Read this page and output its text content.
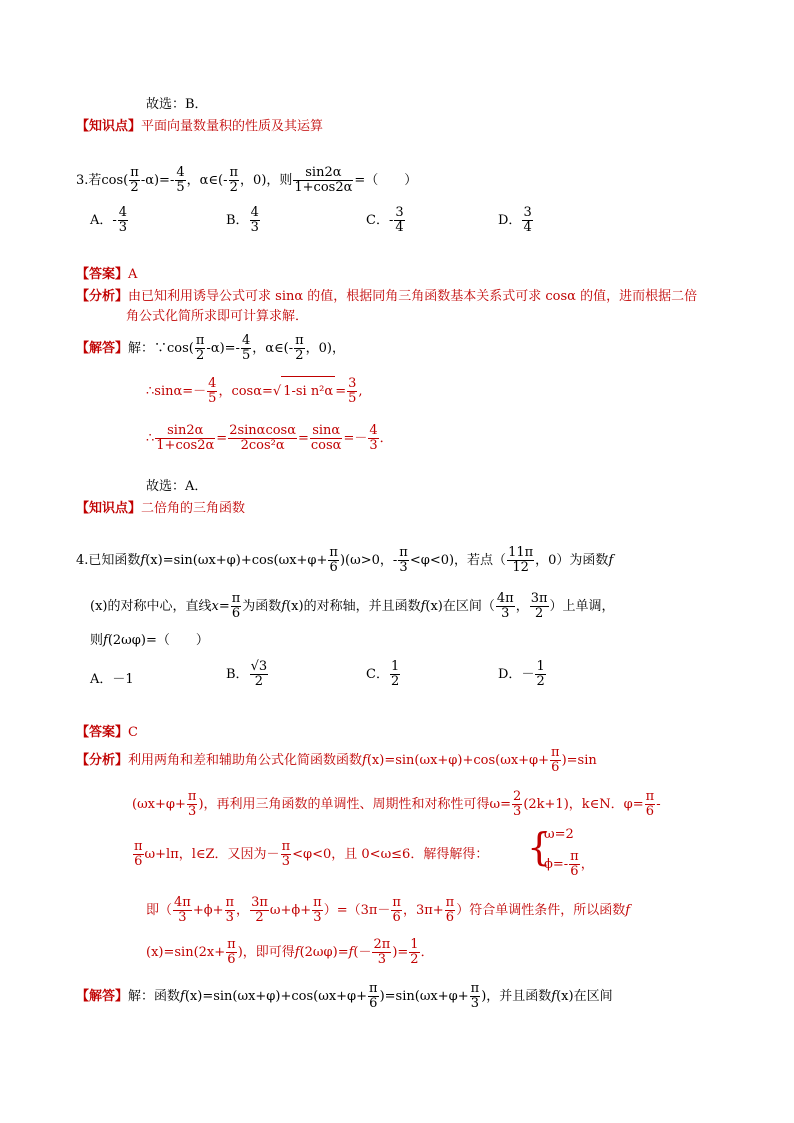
故选：B．
【知识点】平面向量数量积的性质及其运算
3.若$\cos( \frac{\pi}{2} -\alpha)=- \frac{4}{5}$ ，α∈(- $\frac{\pi}{2}$ ，0)，则 $\frac{\sin 2\alpha}{1+\cos 2\alpha}$ =（　　）
A．- $\frac{4}{3}$	B． $\frac{4}{3}$	C．- $\frac{3}{4}$	D． $\frac{3}{4}$
【答案】A
【分析】由已知利用诱导公式可求 sinα 的值，根据同角三角函数基本关系式可求 cosα 的值，进而根据二倍
角公式化简所求即可计算求解．
【解答】解：∵cos( $\frac{\pi}{2} -\alpha)=- \frac{4}{5}$ ，α∈(- $\frac{\pi}{2}$ ，0)，
∴sinα=－ $\frac{4}{5}$ ，cosα=√ 1-si $n^2\alpha = \frac{3}{5}$ ,
∴ $\frac{\sin 2\alpha}{1+\cos 2\alpha} = \frac{2\sin\alpha\cos\alpha}{\text{2cos²α}} = \frac{\sin\alpha}{\cos\alpha} =- \frac{4}{3}$ ．
故选：A．
【知识点】二倍角的三角函数
4.已知函数$f(x)=\sin(\omega x+\varphi)+\cos(\omega x+\varphi+ \frac{\pi}{6} )(\omega>0$，- $\frac{\pi}{3} <\varphi<0$)，若点（ $\frac{11\pi}{12}$ ，0）为函数f
(x)的对称中心，直线$x= \frac{\pi}{6}$ 为函数f(x)的对称轴，并且函数f(x)在区间（ $\frac{4\pi}{3}$ ， $\frac{3\pi}{2}$ ）上单调，
则f(2ωφ)=（　　）
A．－1	B． $\frac{√3}{2}$	C． $\frac{1}{2}$	D．－ $\frac{1}{2}$
【答案】C
【分析】利用两角和差和辅助角公式化简函数函数$f(x)=\sin(\omega x+\varphi)+\cos(\omega x+\varphi+ \frac{\pi}{6} )=\sin$
($\omega x+\varphi+ \frac{\pi}{3}$ )，再利用三角函数的单调性、周期性和对称性可得$\omega= \frac{2}{3} (2k+1)$，k∈N．$\varphi= \frac{\pi}{6}$ -
$\frac{\pi}{6} \omega+l\pi$，l∈Z．又因为－ $\frac{\pi}{3} <\varphi<0$，且 0<ω≤6．解得解得： {
ω=2
$\phi=- \frac{\pi}{6}$ ，
即（ $\frac{4\pi}{3} +\phi+ \frac{\pi}{3}$ ， $\frac{3\pi}{2} \omega+\phi+ \frac{\pi}{3} )=(3\pi- \frac{\pi}{6}$ ，$3\pi+ \frac{\pi}{6}$ ）符合单调性条件，所以函数f
$(x)=\sin(2x+ \frac{\pi}{6}$ )，即可得$f(2\omega\varphi)=f(- \frac{2\pi}{3}$ )= $\frac{1}{2}$ ．
【解答】解：函数$f(x)=\sin(\omega x+\varphi)+\cos(\omega x+\varphi+ \frac{\pi}{6} )=\sin(\omega x+\varphi+ \frac{\pi}{3}$ )，并且函数f(x)在区间
